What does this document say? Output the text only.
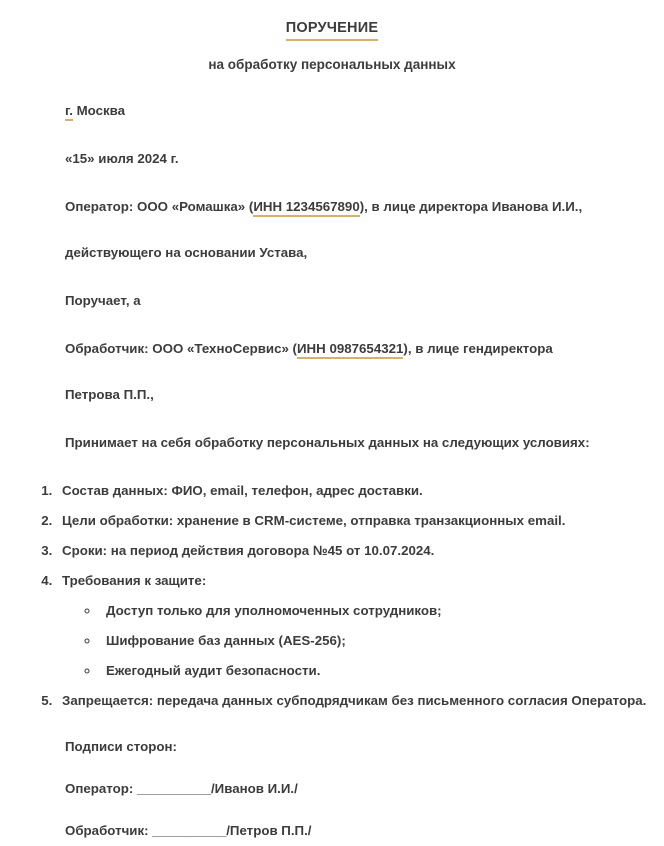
ПОРУЧЕНИЕ
на обработку персональных данных

г. Москва

«15» июля 2024 г.

Оператор: ООО «Ромашка» (ИНН 1234567890), в лице директора Иванова И.И.,

действующего на основании Устава,

Поручает, а

Обработчик: ООО «ТехноСервис» (ИНН 0987654321), в лице гендиректора

Петрова П.П.,

Принимает на себя обработку персональных данных на следующих условиях:

1. Состав данных: ФИО, email, телефон, адрес доставки.
2. Цели обработки: хранение в CRM-системе, отправка транзакционных email.
3. Сроки: на период действия договора №45 от 10.07.2024.
4. Требования к защите:
◦ Доступ только для уполномоченных сотрудников;
◦ Шифрование баз данных (AES-256);
◦ Ежегодный аудит безопасности.
5. Запрещается: передача данных субподрядчикам без письменного согласия Оператора.

Подписи сторон:

Оператор: __________/Иванов И.И./

Обработчик: __________/Петров П.П./
